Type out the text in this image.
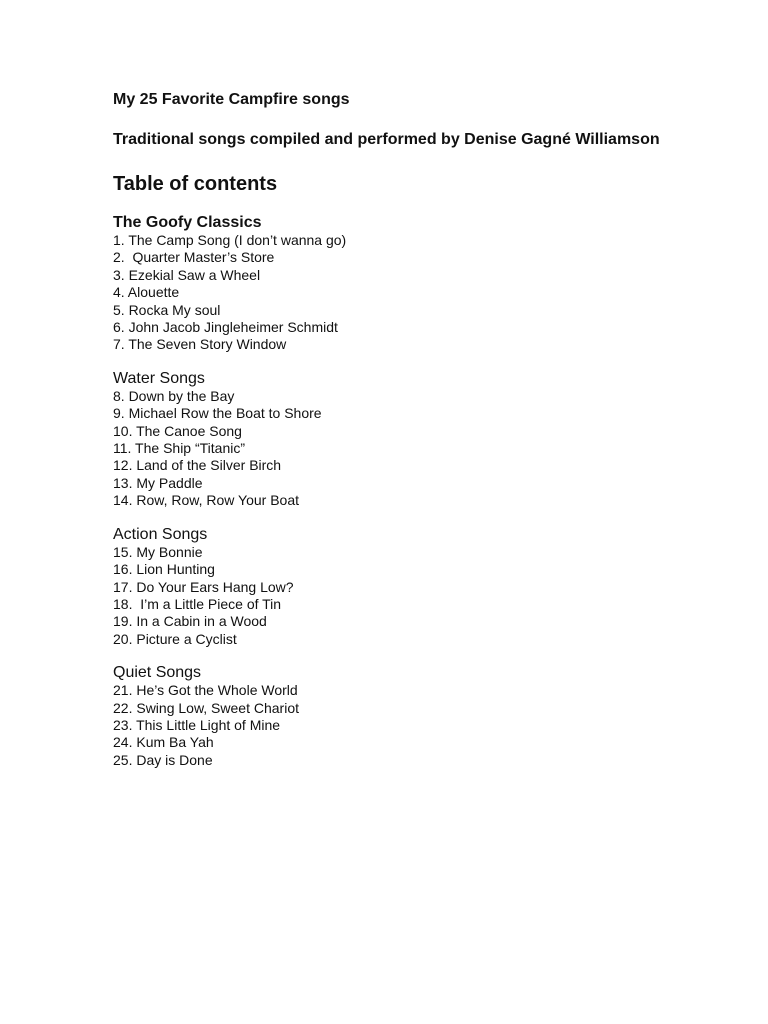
My 25 Favorite Campfire songs
Traditional songs compiled and performed by Denise Gagné Williamson
Table of contents
The Goofy Classics
1. The Camp Song (I don’t wanna go)
2.  Quarter Master’s Store
3. Ezekial Saw a Wheel
4. Alouette
5. Rocka My soul
6. John Jacob Jingleheimer Schmidt
7. The Seven Story Window
Water Songs
8. Down by the Bay
9. Michael Row the Boat to Shore
10. The Canoe Song
11. The Ship “Titanic”
12. Land of the Silver Birch
13. My Paddle
14. Row, Row, Row Your Boat
Action Songs
15. My Bonnie
16. Lion Hunting
17. Do Your Ears Hang Low?
18.  I’m a Little Piece of Tin
19. In a Cabin in a Wood
20. Picture a Cyclist
Quiet Songs
21. He’s Got the Whole World
22. Swing Low, Sweet Chariot
23. This Little Light of Mine
24. Kum Ba Yah
25. Day is Done
